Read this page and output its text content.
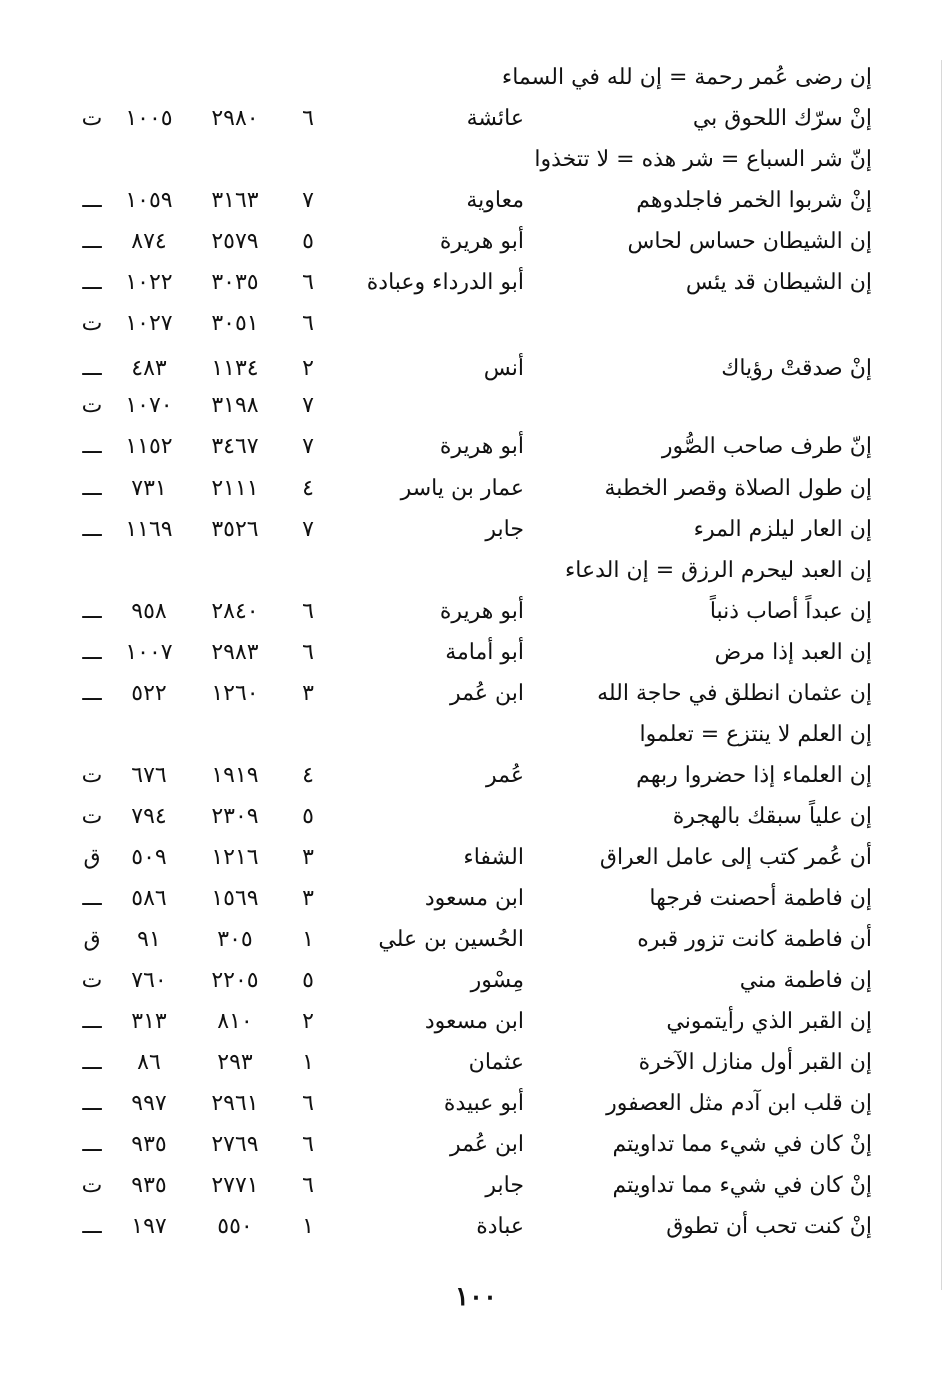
إن رضى عُمر رحمة = إن لله في السماء
إنْ سرّك اللحوق بي
عائشة
٦
٢٩٨٠
١٠٠٥
ت
إنّ شر السباع = شر هذه = لا تتخذوا
إنْ شربوا الخمر فاجلدوهم
معاوية
٧
٣١٦٣
١٠٥٩
ـــ
إن الشيطان حساس لحاس
أبو هريرة
٥
٢٥٧٩
٨٧٤
ـــ
إن الشيطان قد يئس
أبو الدرداء وعبادة
٦
٣٠٣٥
١٠٢٢
ـــ
٦
٣٠٥١
١٠٢٧
ت
إنْ صدقتْ رؤياك
أنس
٢
١١٣٤
٤٨٣
ـــ
٧
٣١٩٨
١٠٧٠
ت
إنّ طرف صاحب الصُّور
أبو هريرة
٧
٣٤٦٧
١١٥٢
ـــ
إن طول الصلاة وقصر الخطبة
عمار بن ياسر
٤
٢١١١
٧٣١
ـــ
إن العار ليلزم المرء
جابر
٧
٣٥٢٦
١١٦٩
ـــ
إن العبد ليحرم الرزق = إن الدعاء
إن عبداً أصاب ذنباً
أبو هريرة
٦
٢٨٤٠
٩٥٨
ـــ
إن العبد إذا مرض
أبو أمامة
٦
٢٩٨٣
١٠٠٧
ـــ
إن عثمان انطلق في حاجة الله
ابن عُمر
٣
١٢٦٠
٥٢٢
ـــ
إن العلم لا ينتزع = تعلموا
إن العلماء إذا حضروا ربهم
عُمر
٤
١٩١٩
٦٧٦
ت
إن علياً سبقك بالهجرة
٥
٢٣٠٩
٧٩٤
ت
أن عُمر كتب إلى عامل العراق
الشفاء
٣
١٢١٦
٥٠٩
ق
إن فاطمة أحصنت فرجها
ابن مسعود
٣
١٥٦٩
٥٨٦
ـــ
أن فاطمة كانت تزور قبره
الحُسين بن علي
١
٣٠٥
٩١
ق
إن فاطمة مني
مِسْور
٥
٢٢٠٥
٧٦٠
ت
إن القبر الذي رأيتموني
ابن مسعود
٢
٨١٠
٣١٣
ـــ
إن القبر أول منازل الآخرة
عثمان
١
٢٩٣
٨٦
ـــ
إن قلب ابن آدم مثل العصفور
أبو عبيدة
٦
٢٩٦١
٩٩٧
ـــ
إنْ كان في شيء مما تداويتم
ابن عُمر
٦
٢٧٦٩
٩٣٥
ـــ
إنْ كان في شيء مما تداويتم
جابر
٦
٢٧٧١
٩٣٥
ت
إنْ كنت تحب أن تطوق
عبادة
١
٥٥٠
١٩٧
ـــ
١٠٠
